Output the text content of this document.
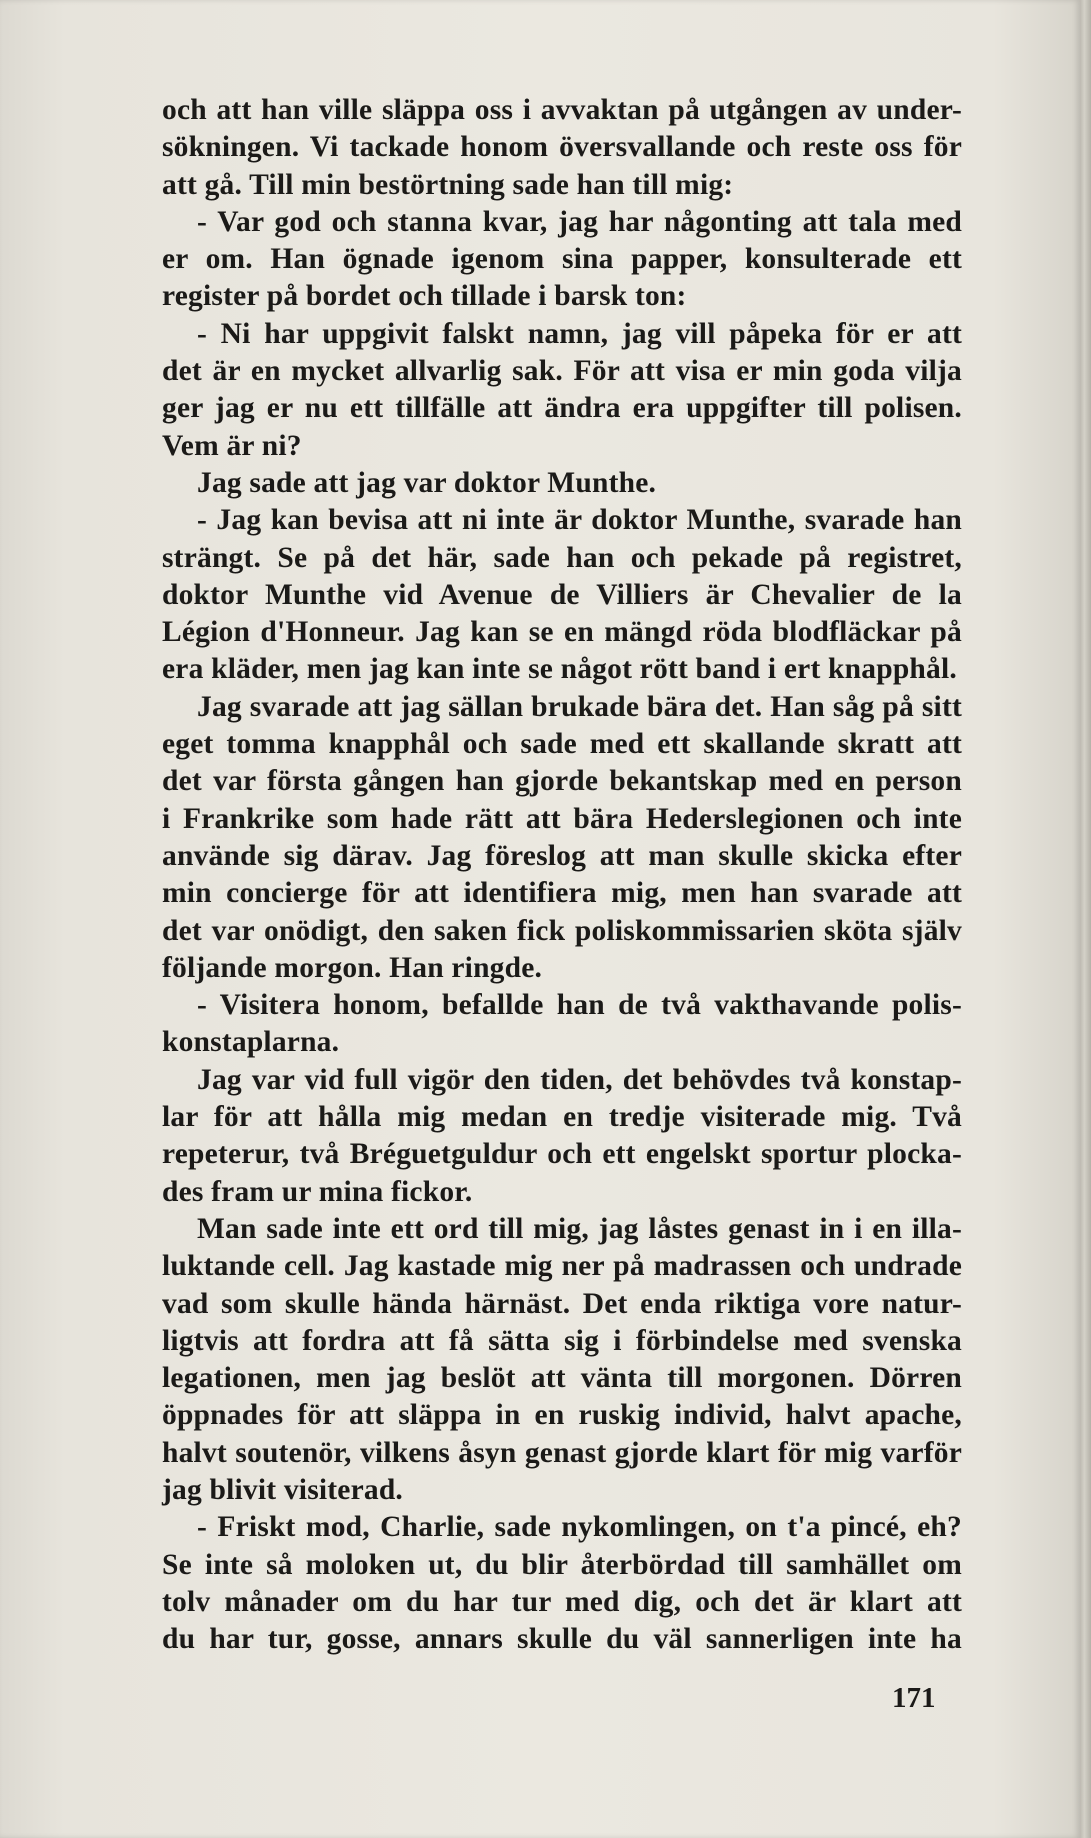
och att han ville släppa oss i avvaktan på utgången av under-
sökningen. Vi tackade honom översvallande och reste oss för
att gå. Till min bestörtning sade han till mig:
- Var god och stanna kvar, jag har någonting att tala med
er om. Han ögnade igenom sina papper, konsulterade ett
register på bordet och tillade i barsk ton:
- Ni har uppgivit falskt namn, jag vill påpeka för er att
det är en mycket allvarlig sak. För att visa er min goda vilja
ger jag er nu ett tillfälle att ändra era uppgifter till polisen.
Vem är ni?
Jag sade att jag var doktor Munthe.
- Jag kan bevisa att ni inte är doktor Munthe, svarade han
strängt. Se på det här, sade han och pekade på registret,
doktor Munthe vid Avenue de Villiers är Chevalier de la
Légion d'Honneur. Jag kan se en mängd röda blodfläckar på
era kläder, men jag kan inte se något rött band i ert knapphål.
Jag svarade att jag sällan brukade bära det. Han såg på sitt
eget tomma knapphål och sade med ett skallande skratt att
det var första gången han gjorde bekantskap med en person
i Frankrike som hade rätt att bära Hederslegionen och inte
använde sig därav. Jag föreslog att man skulle skicka efter
min concierge för att identifiera mig, men han svarade att
det var onödigt, den saken fick poliskommissarien sköta själv
följande morgon. Han ringde.
- Visitera honom, befallde han de två vakthavande polis-
konstaplarna.
Jag var vid full vigör den tiden, det behövdes två konstap-
lar för att hålla mig medan en tredje visiterade mig. Två
repeterur, två Bréguetguldur och ett engelskt sportur plocka-
des fram ur mina fickor.
Man sade inte ett ord till mig, jag låstes genast in i en illa-
luktande cell. Jag kastade mig ner på madrassen och undrade
vad som skulle hända härnäst. Det enda riktiga vore natur-
ligtvis att fordra att få sätta sig i förbindelse med svenska
legationen, men jag beslöt att vänta till morgonen. Dörren
öppnades för att släppa in en ruskig individ, halvt apache,
halvt soutenör, vilkens åsyn genast gjorde klart för mig varför
jag blivit visiterad.
- Friskt mod, Charlie, sade nykomlingen, on t'a pincé, eh?
Se inte så moloken ut, du blir återbördad till samhället om
tolv månader om du har tur med dig, och det är klart att
du har tur, gosse, annars skulle du väl sannerligen inte ha
171
